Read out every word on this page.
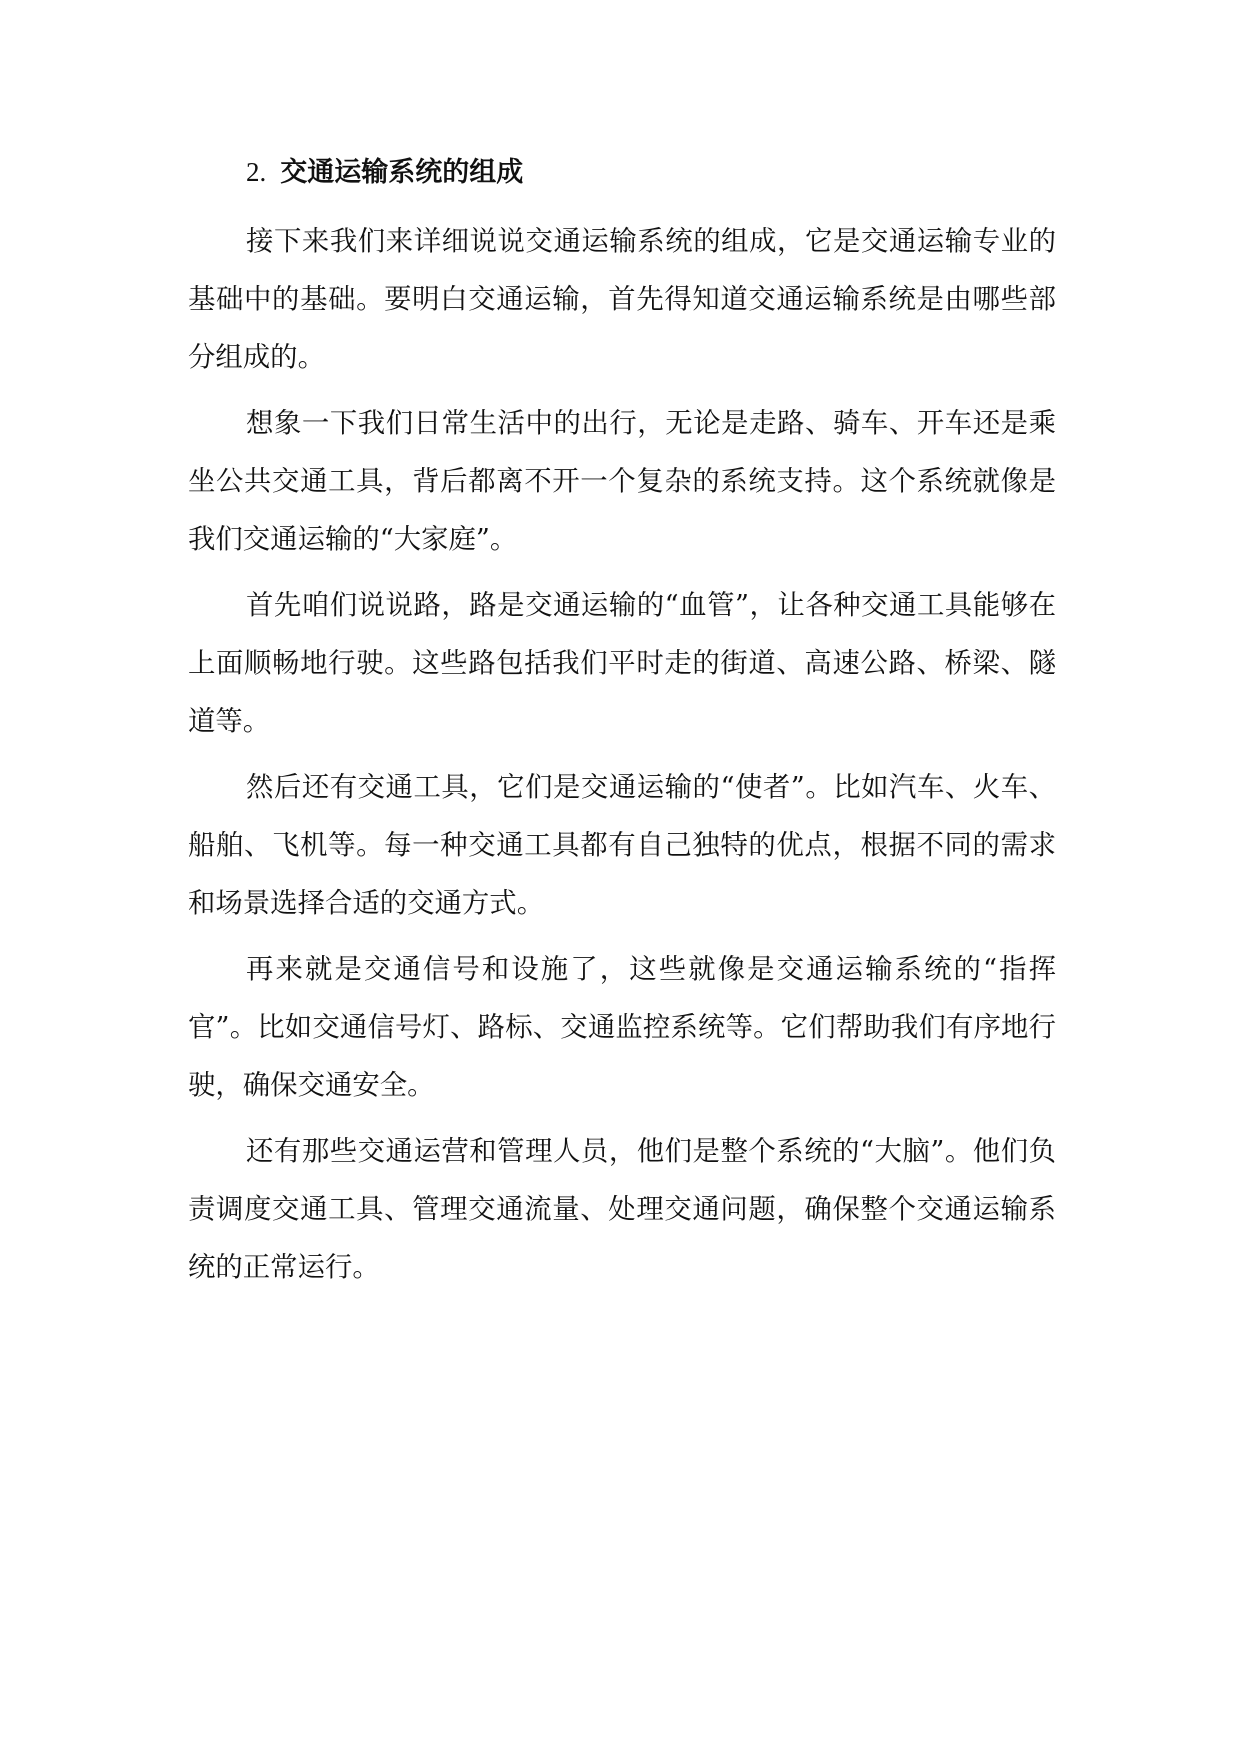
2. 交通运输系统的组成

接下来我们来详细说说交通运输系统的组成，它是交通运输专业的基础中的基础。要明白交通运输，首先得知道交通运输系统是由哪些部分组成的。

想象一下我们日常生活中的出行，无论是走路、骑车、开车还是乘坐公共交通工具，背后都离不开一个复杂的系统支持。这个系统就像是我们交通运输的“大家庭”。

首先咱们说说路，路是交通运输的“血管”，让各种交通工具能够在上面顺畅地行驶。这些路包括我们平时走的街道、高速公路、桥梁、隧道等。

然后还有交通工具，它们是交通运输的“使者”。比如汽车、火车、船舶、飞机等。每一种交通工具都有自己独特的优点，根据不同的需求和场景选择合适的交通方式。

再来就是交通信号和设施了，这些就像是交通运输系统的“指挥官”。比如交通信号灯、路标、交通监控系统等。它们帮助我们有序地行驶，确保交通安全。

还有那些交通运营和管理人员，他们是整个系统的“大脑”。他们负责调度交通工具、管理交通流量、处理交通问题，确保整个交通运输系统的正常运行。
